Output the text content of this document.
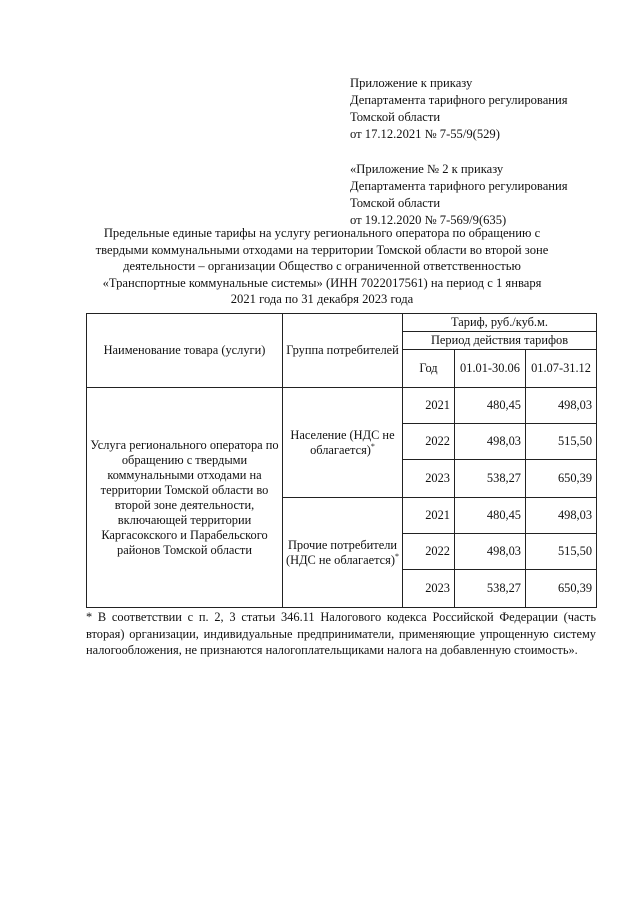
Приложение к приказу
Департамента тарифного регулирования
Томской области
от 17.12.2021 № 7-55/9(529)
«Приложение № 2 к приказу
Департамента тарифного регулирования
Томской области
от 19.12.2020 № 7-569/9(635)
Предельные единые тарифы на услугу регионального оператора по обращению с твердыми коммунальными отходами на территории Томской области во второй зоне деятельности – организации Общество с ограниченной ответственностью «Транспортные коммунальные системы» (ИНН 7022017561) на период с 1 января 2021 года по 31 декабря 2023 года
Наименование товара (услуги)	Группа потребителей	Тариф, руб./куб.м.		
		Период действия тарифов		
		Год	01.01-30.06	01.07-31.12
Услуга регионального оператора по обращению с твердыми коммунальными отходами на территории Томской области во второй зоне деятельности, включающей территории Каргасокского и Парабельского районов Томской области	Население (НДС не облагается)*	2021	480,45	498,03
		2022	498,03	515,50
		2023	538,27	650,39
	Прочие потребители (НДС не облагается)*	2021	480,45	498,03
		2022	498,03	515,50
		2023	538,27	650,39
* В соответствии с п. 2, 3 статьи 346.11 Налогового кодекса Российской Федерации (часть вторая) организации, индивидуальные предприниматели, применяющие упрощенную систему налогообложения, не признаются налогоплательщиками налога на добавленную стоимость».
